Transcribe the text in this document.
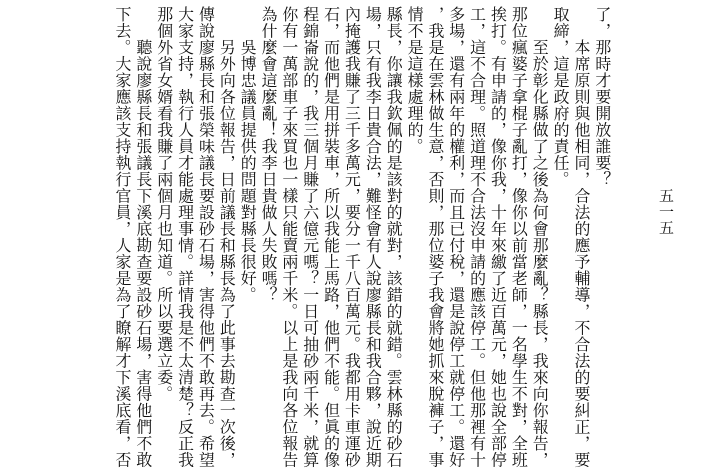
了，那時才要開放誰要？
　　本席原則與他相同，合法的應予輔導，不合法的要糾正，要
取締，這是政府的責任。
　　至於彰化縣做了之後為何會那麼亂？縣長，我來向你報告，
那位瘋婆子拿棍子亂打，像你以前當老師，一名學生不對，全班
挨打。有申請的，像你我，十年來繳了近百萬元，她也說全部停
工，這不合理。照道理不合法沒申請的應該停工。但他那裡有十
多場，還有兩年的權利，而且已付稅，還是說停工就停工。還好
，我是在雲林做生意，否則，那位婆子我會將她抓來脫褲子，事
情不是這樣處理的。
縣長，你讓我欽佩的是該對的就對，該錯的就錯。雲林縣的砂石
場，只有我李日貴合法，難怪會有人說廖縣長和我合夥，說近期
內掩護我賺了三千多萬元，要分一千八百萬元。我都用卡車運砂
石，而他們是用拼裝車，所以我能上馬路，他們不能。但眞的像
程錦崙說的，我三個月賺了六億元嗎？一日可抽砂兩千米，就算
你有一萬部車子來買也一樣只能賣兩千米。以上是我向各位報告
為什麼會這麼亂！我李日貴做人失敗嗎？
　　吳博忠議員提供的問題對縣長很好。
　　另外向各位報告，日前議長和縣長為了此事去勘查一次後，
傳說廖縣長和張榮味議長要設砂石場，害得他們不敢再去。希望
大家支持，執行人員才能處理事情。詳情我是不太清楚？反正我
那個外省女婿看我賺了兩個月也知道。所以要選立委。
　　聽說廖縣長和張議長下溪底勘查要設砂石場，害得他們不敢
下去。大家應該支持執行官員，人家是為了瞭解才下溪底看，否	五一五
